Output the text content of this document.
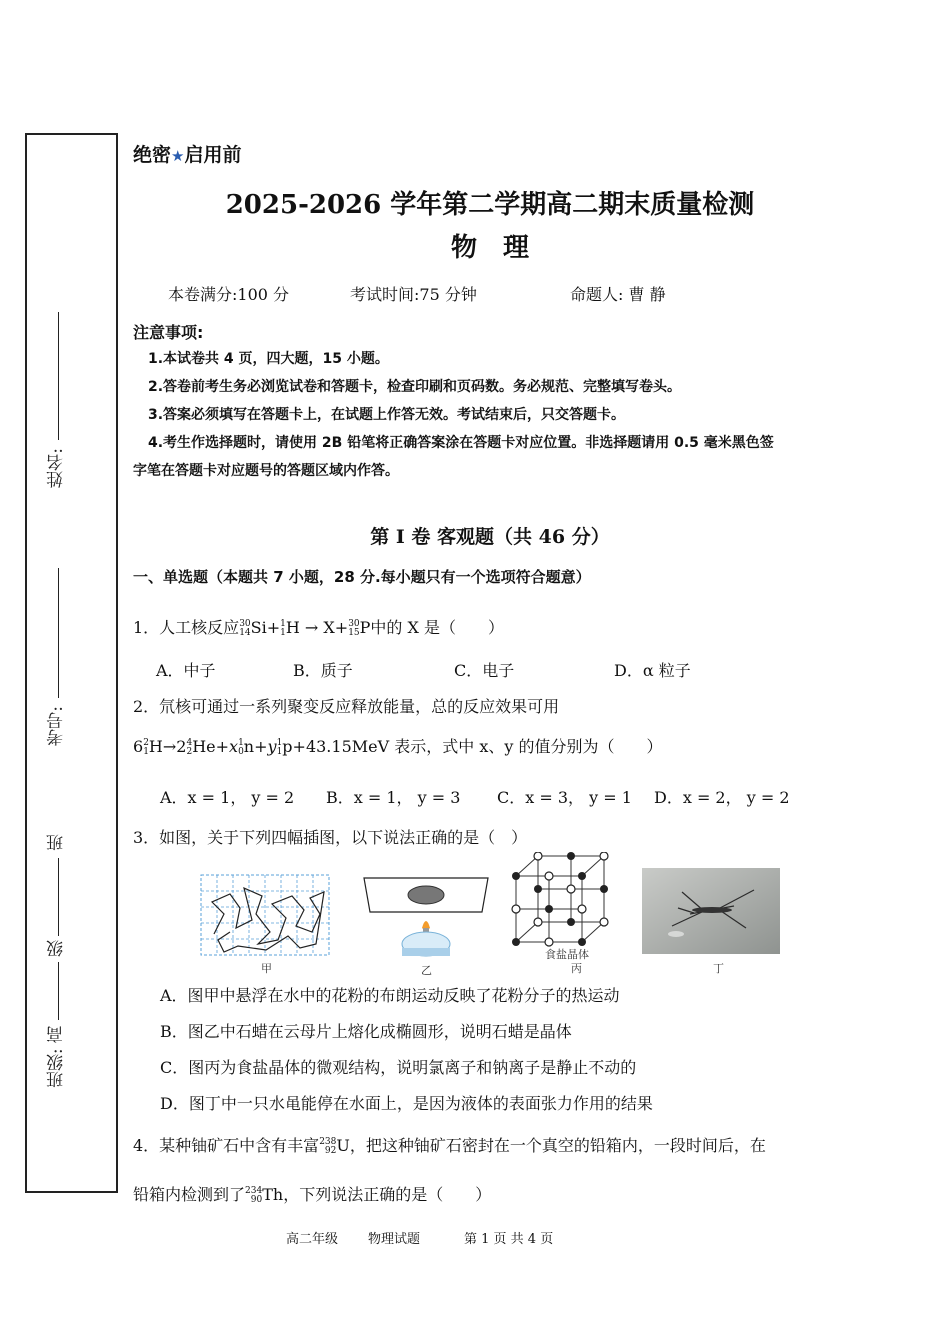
姓名:
考号:
班
级
班级: 高
绝密★启用前
2025-2026 学年第二学期高二期末质量检测
物　理
本卷满分:100 分	考试时间:75 分钟	命题人: 曹 静
注意事项:
1.本试卷共 4 页，四大题，15 小题。
2.答卷前考生务必浏览试卷和答题卡，检查印刷和页码数。务必规范、完整填写卷头。
3.答案必须填写在答题卡上，在试题上作答无效。考试结束后，只交答题卡。
4.考生作选择题时，请使用 2B 铅笔将正确答案涂在答题卡对应位置。非选择题请用 0.5 毫米黑色签
字笔在答题卡对应题号的答题区域内作答。
第 I 卷 客观题（共 46 分）
一、单选题（本题共 7 小题，28 分.每小题只有一个选项符合题意）
1．人工核反应30
14Si+1
1H → X+30
15P中的 X 是（　　）
A．中子	B．质子	C．电子	D．α 粒子
2．氘核可通过一系列聚变反应释放能量，总的反应效果可用
62
1H→24
2He+x1
0n+y1
1p+43.15MeV 表示，式中 x、y 的值分别为（　　）
A．x = 1， y = 2 B．x = 1， y = 3 C．x = 3， y = 1 D．x = 2， y = 2
3．如图，关于下列四幅插图，以下说法正确的是（　）
甲	乙
食盐晶体
丙	丁
A．图甲中悬浮在水中的花粉的布朗运动反映了花粉分子的热运动
B．图乙中石蜡在云母片上熔化成椭圆形，说明石蜡是晶体
C．图丙为食盐晶体的微观结构，说明氯离子和钠离子是静止不动的
D．图丁中一只水黾能停在水面上，是因为液体的表面张力作用的结果
4．某种铀矿石中含有丰富238
92U，把这种铀矿石密封在一个真空的铅箱内，一段时间后，在
铅箱内检测到了234
90Th，下列说法正确的是（　　）
高二年级 物理试题	第 1 页 共 4 页
